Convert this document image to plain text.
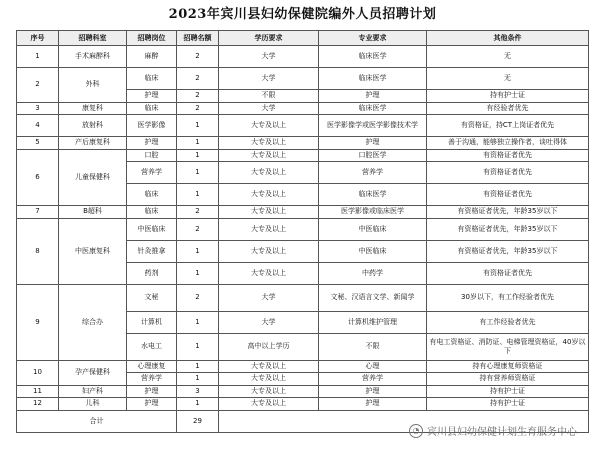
2023年宾川县妇幼保健院编外人员招聘计划
序号	招聘科室	招聘岗位	招聘名额	学历要求	专业要求	其他条件
1	手术麻醉科	麻醉	2	大学	临床医学	无
2	外科	临床	2	大学	临床医学	无
		护理	2	不限	护理	持有护士证
3	康复科	临床	2	大学	临床医学	有经验者优先
4	放射科	医学影像	1	大专及以上	医学影像学或医学影像技术学	有资格证，持CT上岗证者优先
5	产后康复科	护理	1	大专及以上	护理	善于沟通，能够独立操作者，谈吐得体
6	儿童保健科	口腔	1	大专及以上	口腔医学	有资格证者优先
		营养学	1	大专及以上	营养学	有资格证者优先
		临床	1	大专及以上	临床医学	有资格证者优先
7	B超科	临床	2	大专及以上	医学影像或临床医学	有资格证者优先，年龄35岁以下
8	中医康复科	中医临床	2	大专及以上	中医临床	有资格证者优先，年龄35岁以下
		针灸推拿	1	大专及以上	中医临床	有资格证者优先，年龄35岁以下
		药剂	1	大专及以上	中药学	有资格证者优先
9	综合办	文秘	2	大学	文秘、汉语言文学、新闻学	30岁以下，有工作经验者优先
		计算机	1	大学	计算机维护管理	有工作经验者优先
		水电工	1	高中以上学历	不限	有电工资格证、消防证、电梯管理资格证，40岁以下
10	孕产保健科	心理康复	1	大专及以上	心理	持有心理康复师资格证
		营养学	1	大专及以上	营养学	持有营养师资格证
11	妇产科	护理	3	大专及以上	护理	持有护士证
12	儿科	护理	1	大专及以上	护理	持有护士证
合计			29			
◔ 宾川县妇幼保健计划生育服务中心
